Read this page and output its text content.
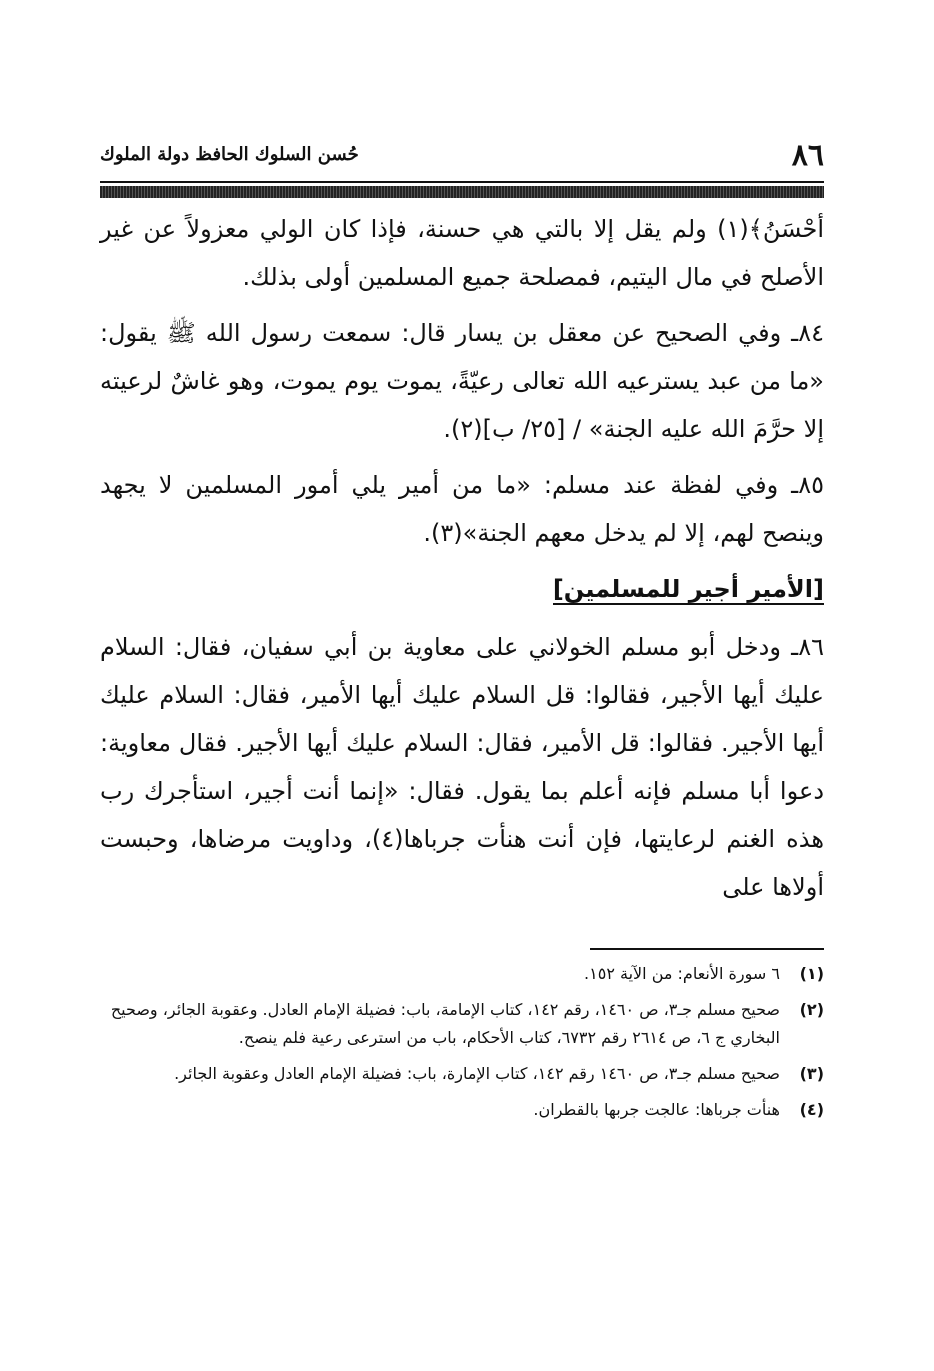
٨٦
حُسن السلوك الحافظ دولة الملوك

أحْسَنُ﴾(١) ولم يقل إلا بالتي هي حسنة، فإذا كان الولي معزولاً عن غير الأصلح في مال اليتيم، فمصلحة جميع المسلمين أولى بذلك.

٨٤ـ وفي الصحيح عن معقل بن يسار قال: سمعت رسول الله ﷺ يقول: «ما من عبد يسترعيه الله تعالى رعيّةً، يموت يوم يموت، وهو غاشٌ لرعيته إلا حرَّمَ الله عليه الجنة» / [٢٥/ ب](٢).

٨٥ـ وفي لفظة عند مسلم: «ما من أمير يلي أمور المسلمين لا يجهد وينصح لهم، إلا لم يدخل معهم الجنة»(٣).

[الأمير أجير للمسلمين]

٨٦ـ ودخل أبو مسلم الخولاني على معاوية بن أبي سفيان، فقال: السلام عليك أيها الأجير، فقالوا: قل السلام عليك أيها الأمير، فقال: السلام عليك أيها الأجير. فقالوا: قل الأمير، فقال: السلام عليك أيها الأجير. فقال معاوية: دعوا أبا مسلم فإنه أعلم بما يقول. فقال: «إنما أنت أجير، استأجرك رب هذه الغنم لرعايتها، فإن أنت هنأت جرباها(٤)، وداويت مرضاها، وحبست أولاها على

(١)
٦ سورة الأنعام: من الآية ١٥٢.
(٢)
صحيح مسلم جـ٣، ص ١٤٦٠، رقم ١٤٢، كتاب الإمامة، باب: فضيلة الإمام العادل. وعقوبة الجائر، وصحيح البخاري ج ٦، ص ٢٦١٤ رقم ٦٧٣٢، كتاب الأحكام، باب من استرعى رعية فلم ينصح.
(٣)
صحيح مسلم جـ٣، ص ١٤٦٠ رقم ١٤٢، كتاب الإمارة، باب: فضيلة الإمام العادل وعقوبة الجائر.
(٤)
هنأت جرباها: عالجت جربها بالقطران.
